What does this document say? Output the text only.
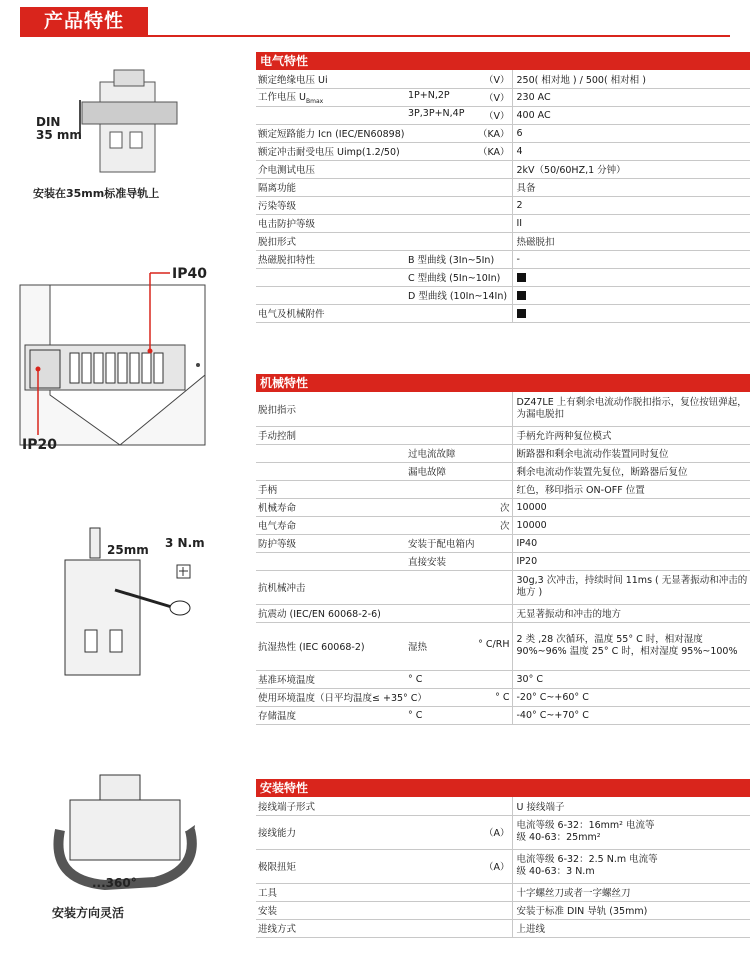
产品特性
DIN
35 mm
安装在35mm标准导轨上
IP40
IP20
25mm 3 N.m
...360°
安装方向灵活
电气特性
额定绝缘电压 Ui	（V）	250( 相对地 ) / 500( 相对相 )
工作电压 $U_{Bmax}$	1P+N,2P （V）	230 AC

	3P,3P+N,4P （V）	400 AC
额定短路能力 Icn (IEC/EN60898)	（KA）	6
额定冲击耐受电压 Uimp(1.2/50)	（KA）	4
介电测试电压		2kV（50/60HZ,1 分钟）
隔离功能		具备
污染等级		2
电击防护等级		II
脱扣形式		热磁脱扣
热磁脱扣特性	B 型曲线 (3In~5In)	-
	C 型曲线 (5In~10In)	
	D 型曲线 (10In~14In)	
电气及机械附件		
机械特性
脱扣指示		DZ47LE 上有剩余电流动作脱扣指示，复位按钮弹起，为漏电脱扣
手动控制		手柄允许两种复位模式
	过电流故障	断路器和剩余电流动作装置同时复位
	漏电故障	剩余电流动作装置先复位，断路器后复位
手柄		红色，移印指示 ON-OFF 位置
机械寿命	次	10000
电气寿命	次	10000
防护等级	安装于配电箱内	IP40
	直接安装	IP20
抗机械冲击		30g,3 次冲击，持续时间 11ms ( 无显著振动和冲击的地方 )
抗震动 (IEC/EN 60068-2-6)		无显著振动和冲击的地方
抗湿热性 (IEC 60068-2)	湿热 ° C/RH	2 类 ,28 次循环，温度 55° C 时，相对湿度 90%~96% 温度 25° C 时，相对湿度 95%~100%
基准环境温度	° C	30° C
使用环境温度（日平均温度≤ +35° C）	° C	-20° C~+60° C
存储温度	° C	-40° C~+70° C
安装特性
接线端子形式		U 接线端子
接线能力	（A）	电流等级 6-32：16mm² 电流等级 40-63：25mm²
极限扭矩	（A）	电流等级 6-32：2.5 N.m 电流等级 40-63：3 N.m
工具		十字螺丝刀或者一字螺丝刀
安装		安装于标准 DIN 导轨 (35mm)
进线方式		上进线
